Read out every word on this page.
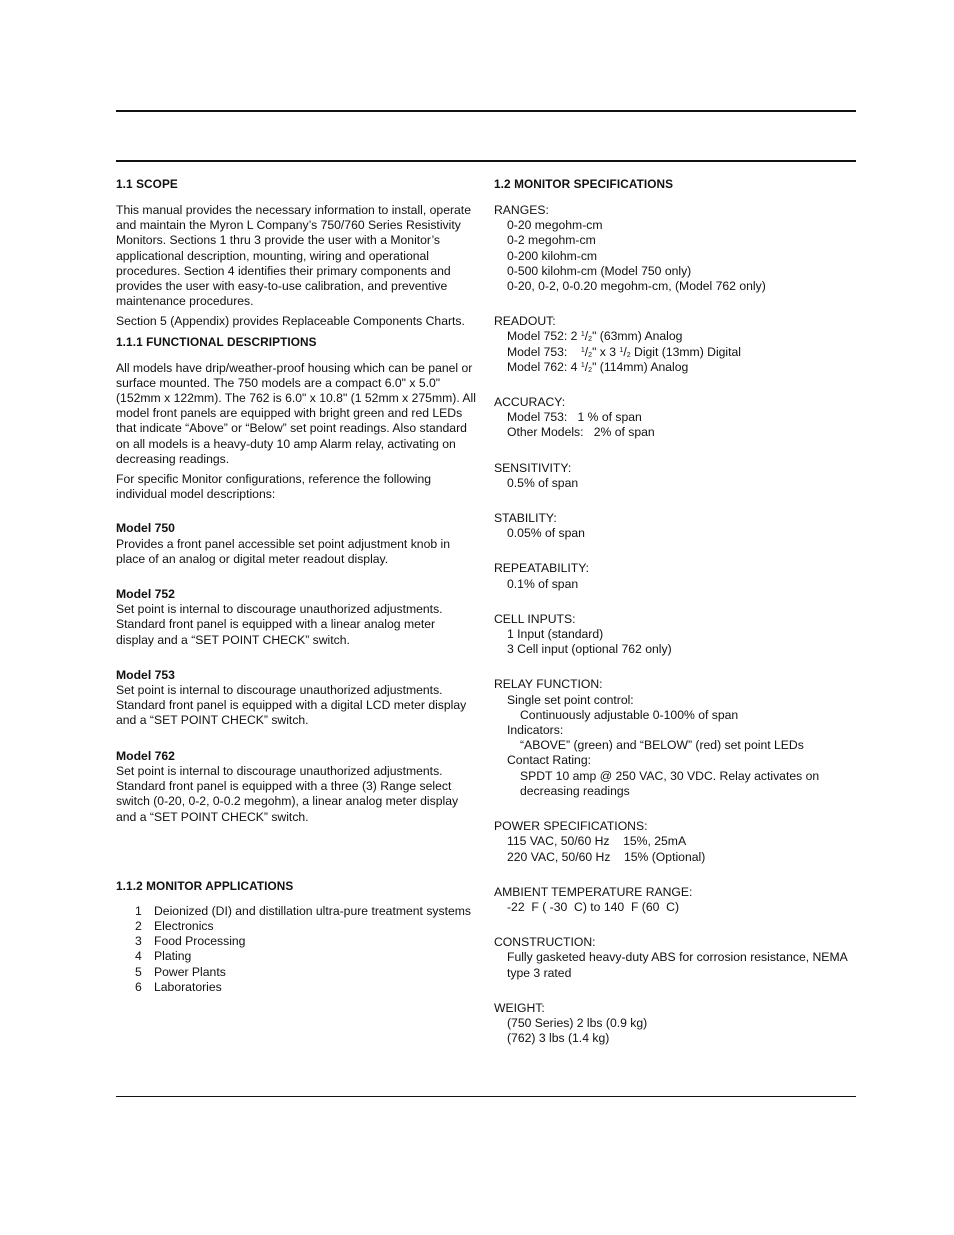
1.1 SCOPE

This manual provides the necessary information to install, operate and maintain the Myron L Company’s 750/760 Series Resistivity Monitors. Sections 1 thru 3 provide the user with a Monitor’s applicational description, mounting, wiring and operational procedures. Section 4 identifies their primary components and provides the user with easy-to-use calibration, and preventive maintenance procedures.

Section 5 (Appendix) provides Replaceable Components Charts.

1.1.1 FUNCTIONAL DESCRIPTIONS

All models have drip/weather-proof housing which can be panel or surface mounted. The 750 models are a compact 6.0" x 5.0" (152mm x 122mm). The 762 is 6.0" x 10.8" (1 52mm x 275mm). All model front panels are equipped with bright green and red LEDs that indicate “Above” or “Below” set point readings. Also standard on all models is a heavy-duty 10 amp Alarm relay, activating on decreasing readings.

For specific Monitor configurations, reference the following individual model descriptions:

Model 750

Provides a front panel accessible set point adjustment knob in place of an analog or digital meter readout display.

Model 752

Set point is internal to discourage unauthorized adjustments. Standard front panel is equipped with a linear analog meter display and a “SET POINT CHECK” switch.

Model 753

Set point is internal to discourage unauthorized adjustments. Standard front panel is equipped with a digital LCD meter display and a “SET POINT CHECK” switch.

Model 762

Set point is internal to discourage unauthorized adjustments. Standard front panel is equipped with a three (3) Range select switch (0-20, 0-2, 0-0.2 megohm), a linear analog meter display and a “SET POINT CHECK” switch.

1.1.2 MONITOR APPLICATIONS
1	Deionized (DI) and distillation ultra-pure treatment systems
2	Electronics
3	Food Processing
4	Plating
5	Power Plants
6	Laboratories
1.2 MONITOR SPECIFICATIONS
RANGES:
0-20 megohm-cm
0-2 megohm-cm
0-200 kilohm-cm
0-500 kilohm-cm (Model 750 only)
0-20, 0-2, 0-0.20 megohm-cm, (Model 762 only)
READOUT:
Model 752: 2 $^1/_2$" (63mm) Analog
Model 753:    $^1/_2$" x 3 $^1/_2$ Digit (13mm) Digital
Model 762: 4 $^1/_2$" (114mm) Analog
ACCURACY:
Model 753:   1 % of span
Other Models:   2% of span
SENSITIVITY:
0.5% of span
STABILITY:
0.05% of span
REPEATABILITY:
0.1% of span
CELL INPUTS:
1 Input (standard)
3 Cell input (optional 762 only)
RELAY FUNCTION:
Single set point control:
Continuously adjustable 0-100% of span
Indicators:
“ABOVE” (green) and “BELOW” (red) set point LEDs
Contact Rating:
SPDT 10 amp @ 250 VAC, 30 VDC. Relay activates on decreasing readings
POWER SPECIFICATIONS:
115 VAC, 50/60 Hz    15%, 25mA
220 VAC, 50/60 Hz    15% (Optional)
AMBIENT TEMPERATURE RANGE:
-22  F ( -30  C) to 140  F (60  C)
CONSTRUCTION:
Fully gasketed heavy-duty ABS for corrosion resistance, NEMA type 3 rated
WEIGHT:
(750 Series) 2 lbs (0.9 kg)
(762) 3 lbs (1.4 kg)
